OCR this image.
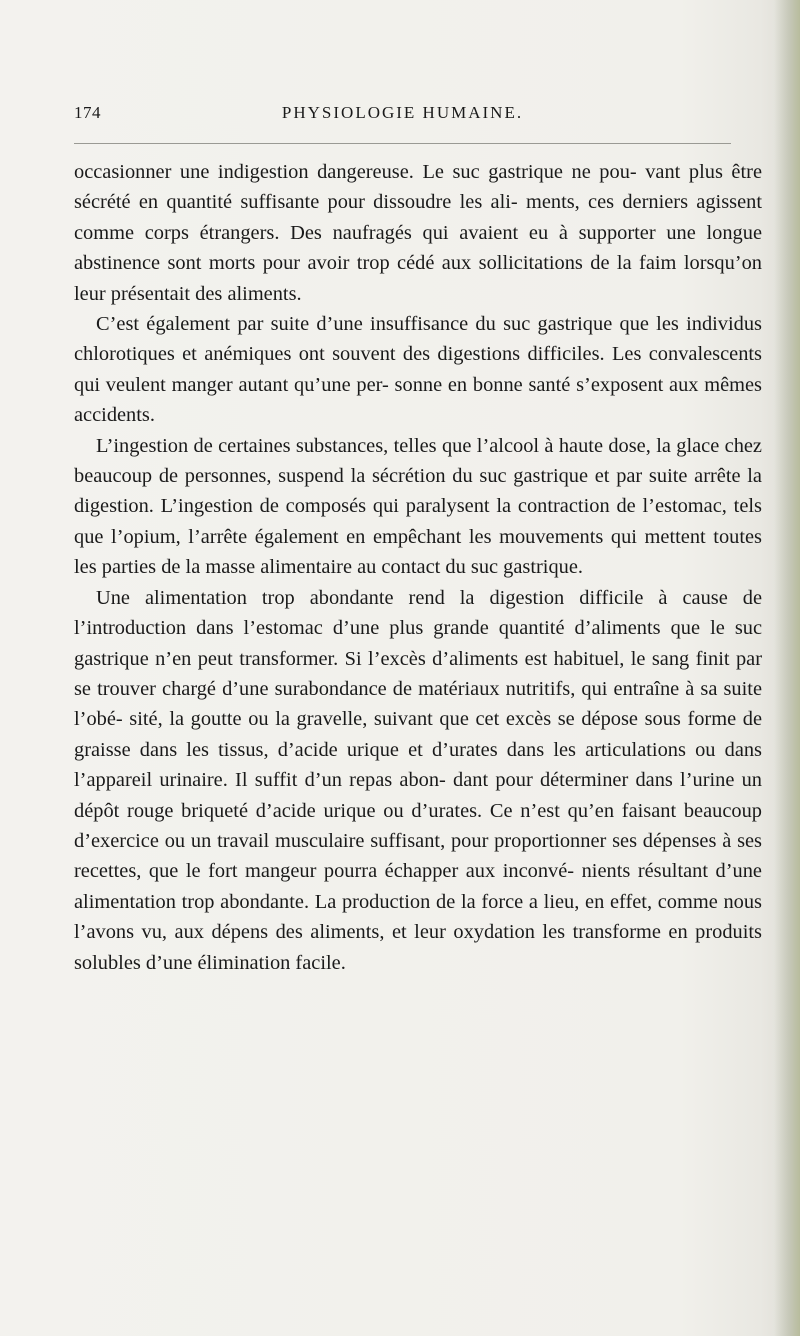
174	PHYSIOLOGIE HUMAINE.

occasionner une indigestion dangereuse. Le suc gastrique ne pou- vant plus être sécrété en quantité suffisante pour dissoudre les ali- ments, ces derniers agissent comme corps étrangers. Des naufragés qui avaient eu à supporter une longue abstinence sont morts pour avoir trop cédé aux sollicitations de la faim lorsqu’on leur présentait des aliments.

C’est également par suite d’une insuffisance du suc gastrique que les individus chlorotiques et anémiques ont souvent des digestions difficiles. Les convalescents qui veulent manger autant qu’une per- sonne en bonne santé s’exposent aux mêmes accidents.

L’ingestion de certaines substances, telles que l’alcool à haute dose, la glace chez beaucoup de personnes, suspend la sécrétion du suc gastrique et par suite arrête la digestion. L’ingestion de composés qui paralysent la contraction de l’estomac, tels que l’opium, l’arrête également en empêchant les mouvements qui mettent toutes les parties de la masse alimentaire au contact du suc gastrique.

Une alimentation trop abondante rend la digestion difficile à cause de l’introduction dans l’estomac d’une plus grande quantité d’aliments que le suc gastrique n’en peut transformer. Si l’excès d’aliments est habituel, le sang finit par se trouver chargé d’une surabondance de matériaux nutritifs, qui entraîne à sa suite l’obé- sité, la goutte ou la gravelle, suivant que cet excès se dépose sous forme de graisse dans les tissus, d’acide urique et d’urates dans les articulations ou dans l’appareil urinaire. Il suffit d’un repas abon- dant pour déterminer dans l’urine un dépôt rouge briqueté d’acide urique ou d’urates. Ce n’est qu’en faisant beaucoup d’exercice ou un travail musculaire suffisant, pour proportionner ses dépenses à ses recettes, que le fort mangeur pourra échapper aux inconvé- nients résultant d’une alimentation trop abondante. La production de la force a lieu, en effet, comme nous l’avons vu, aux dépens des aliments, et leur oxydation les transforme en produits solubles d’une élimination facile.
